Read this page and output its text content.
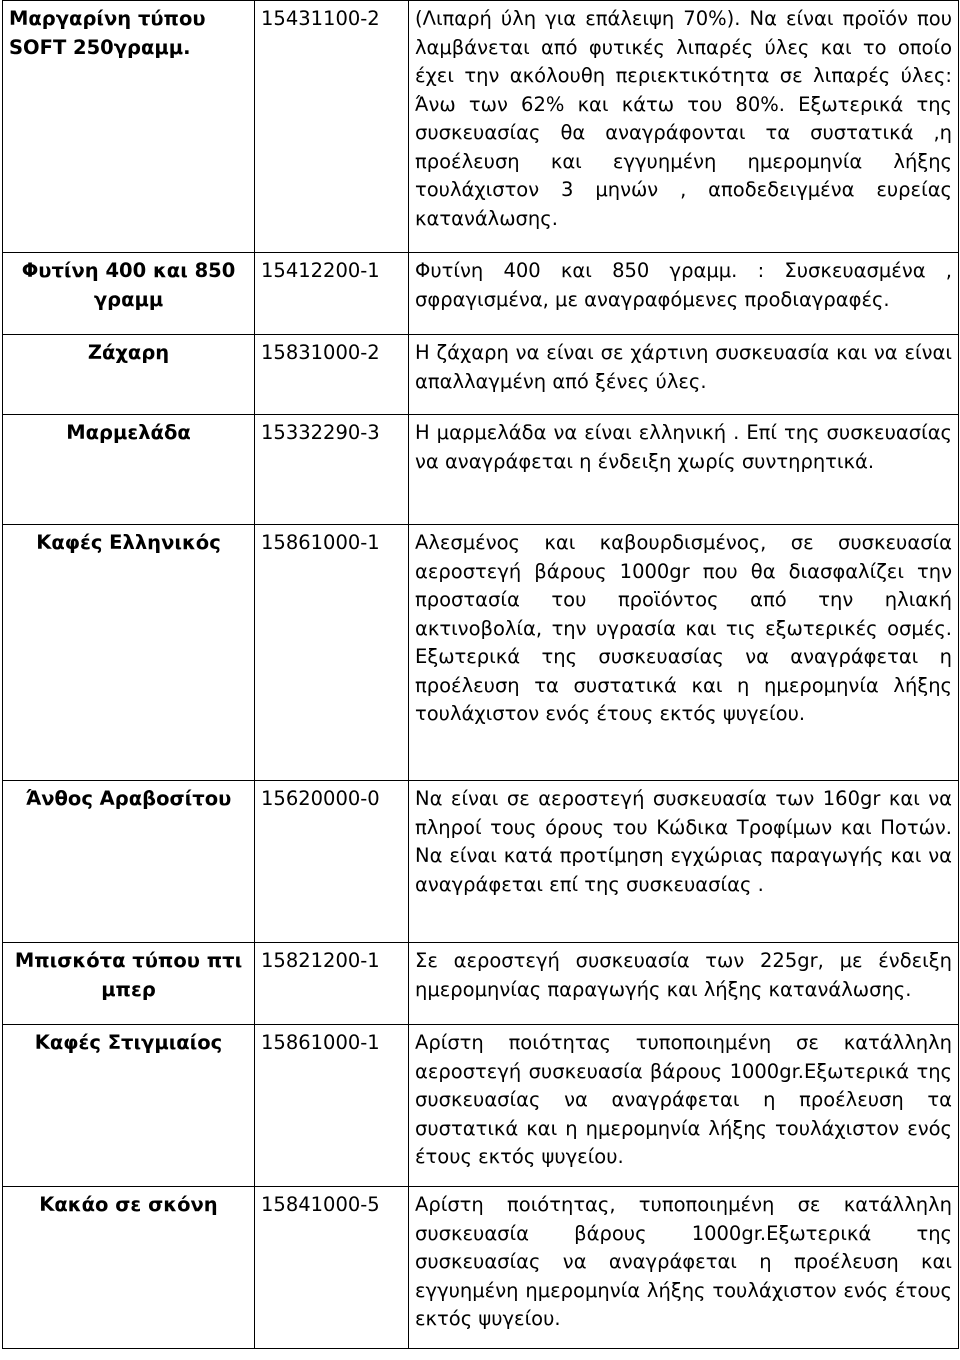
Μαργαρίνη τύπου SOFT 250γραμμ.	15431100-2	(Λιπαρή ύλη για επάλειψη 70%). Να είναι προϊόν που λαμβάνεται από φυτικές λιπαρές ύλες και το οποίο έχει την ακόλουθη περιεκτικότητα σε λιπαρές ύλες: Άνω των 62% και κάτω του 80%. Εξωτερικά της συσκευασίας θα αναγράφονται τα συστατικά ,η προέλευση και εγγυημένη ημερομηνία λήξης τουλάχιστον 3 μηνών , αποδεδειγμένα ευρείας κατανάλωσης.
Φυτίνη 400 και 850 γραμμ	15412200-1	Φυτίνη 400 και 850 γραμμ. : Συσκευασμένα , σφραγισμένα, με αναγραφόμενες προδιαγραφές.
Ζάχαρη	15831000-2	Η ζάχαρη να είναι σε χάρτινη συσκευασία και να είναι απαλλαγμένη από ξένες ύλες.
Μαρμελάδα	15332290-3	Η μαρμελάδα να είναι ελληνική . Επί της συσκευασίας να αναγράφεται η ένδειξη χωρίς συντηρητικά.
Καφές Ελληνικός	15861000-1	Αλεσμένος και καβουρδισμένος, σε συσκευασία αεροστεγή βάρους 1000gr που θα διασφαλίζει την προστασία του προϊόντος από την ηλιακή ακτινοβολία, την υγρασία και τις εξωτερικές οσμές. Εξωτερικά της συσκευασίας να αναγράφεται η προέλευση τα συστατικά και η ημερομηνία λήξης τουλάχιστον ενός έτους εκτός ψυγείου.
Άνθος Αραβοσίτου	15620000-0	Να είναι σε αεροστεγή συσκευασία των 160gr και να πληροί τους όρους του Κώδικα Τροφίμων και Ποτών. Να είναι κατά προτίμηση εγχώριας παραγωγής και να αναγράφεται επί της συσκευασίας .
Μπισκότα τύπου πτι μπερ	15821200-1	Σε αεροστεγή συσκευασία των 225gr, με ένδειξη ημερομηνίας παραγωγής και λήξης κατανάλωσης.
Καφές Στιγμιαίος	15861000-1	Αρίστη ποιότητας τυποποιημένη σε κατάλληλη αεροστεγή συσκευασία βάρους 1000gr.Εξωτερικά της συσκευασίας να αναγράφεται η προέλευση τα συστατικά και η ημερομηνία λήξης τουλάχιστον ενός έτους εκτός ψυγείου.
Κακάο σε σκόνη	15841000-5	Αρίστη ποιότητας, τυποποιημένη σε κατάλληλη συσκευασία βάρους 1000gr.Εξωτερικά της συσκευασίας να αναγράφεται η προέλευση και εγγυημένη ημερομηνία λήξης τουλάχιστον ενός έτους εκτός ψυγείου.
